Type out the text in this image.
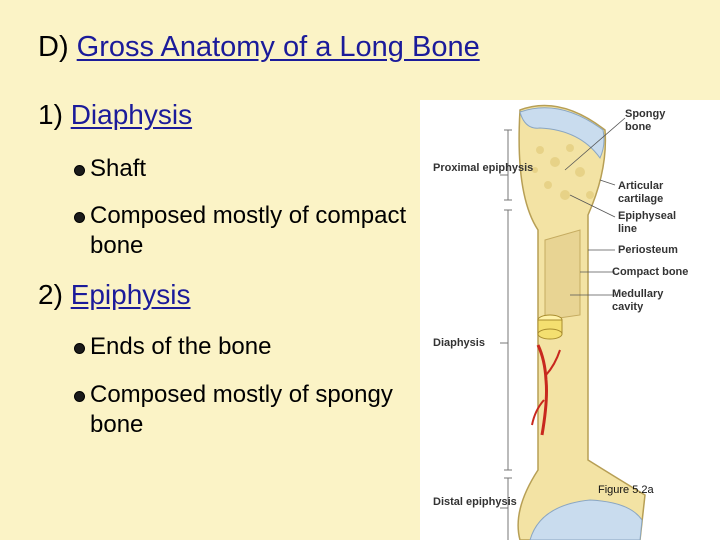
D) Gross Anatomy of a Long Bone
1) Diaphysis
Shaft
Composed mostly of compact bone
2) Epiphysis
Ends of the bone
Composed mostly of spongy bone
Proximal epiphysis
Diaphysis
Distal epiphysis
Spongy bone
Articular cartilage
Epiphyseal line
Periosteum
Compact bone
Medullary cavity
Figure 5.2a
